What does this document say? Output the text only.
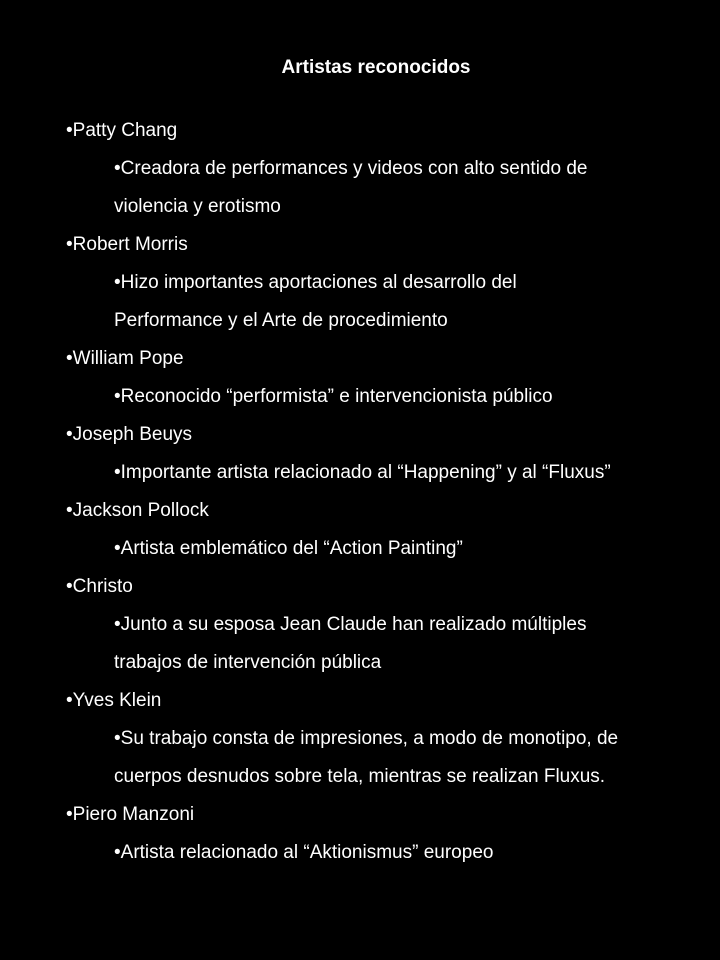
Artistas reconocidos
•Patty Chang
•Creadora de performances y videos con alto sentido de
violencia y erotismo
•Robert Morris
•Hizo importantes aportaciones al desarrollo del
Performance y el Arte de procedimiento
•William Pope
•Reconocido “performista” e intervencionista público
•Joseph Beuys
•Importante artista relacionado al “Happening” y al “Fluxus”
•Jackson Pollock
•Artista emblemático del “Action Painting”
•Christo
•Junto a su esposa Jean Claude han realizado múltiples
trabajos de intervención pública
•Yves Klein
•Su trabajo consta de impresiones, a modo de monotipo, de
cuerpos desnudos sobre tela, mientras se realizan Fluxus.
•Piero Manzoni
•Artista relacionado al “Aktionismus” europeo
